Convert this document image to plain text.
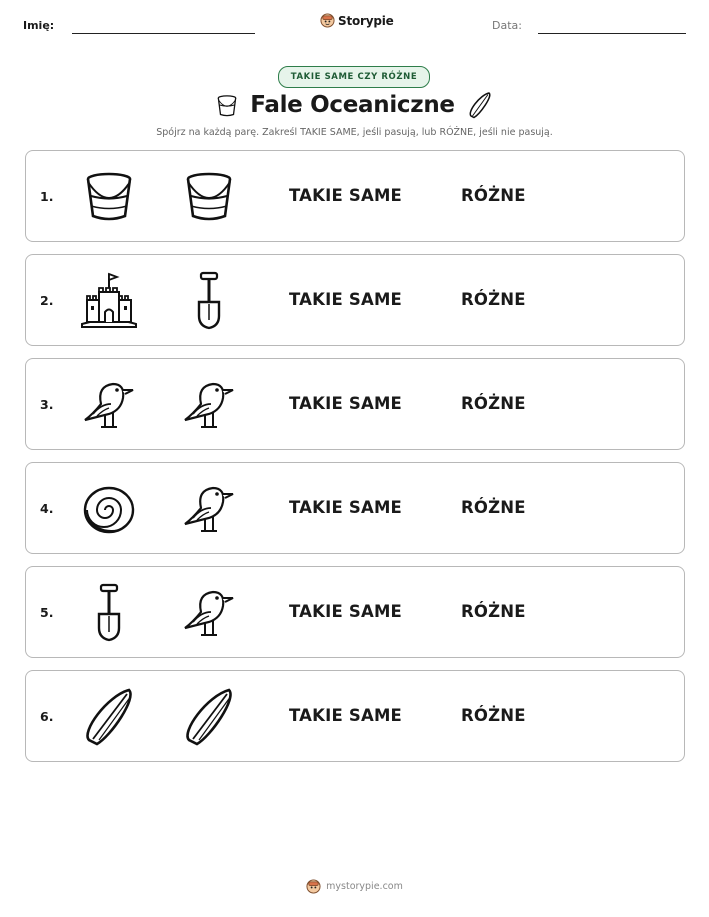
Imię:	Storypie	Data:
TAKIE SAME CZY RÓŻNE
Fale Oceaniczne
Spójrz na każdą parę. Zakreśl TAKIE SAME, jeśli pasują, lub RÓŻNE, jeśli nie pasują.
1.	TAKIE SAME	RÓŻNE
2.	TAKIE SAME	RÓŻNE
3.	TAKIE SAME	RÓŻNE
4.	TAKIE SAME	RÓŻNE
5.	TAKIE SAME	RÓŻNE
6.	TAKIE SAME	RÓŻNE
mystorypie.com
